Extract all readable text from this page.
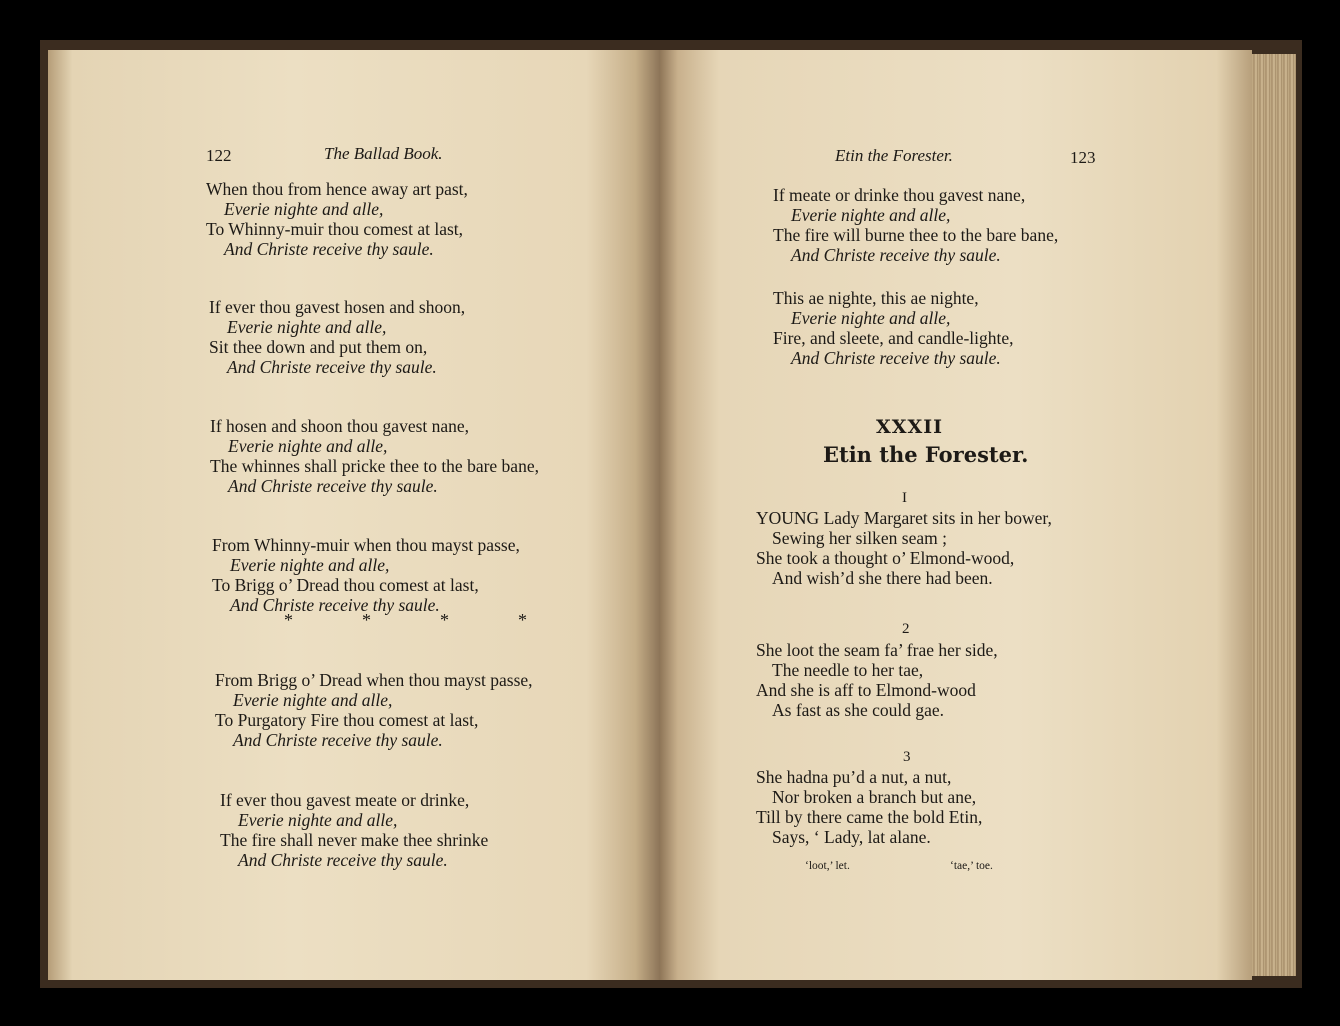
122	The Ballad Book.
When thou from hence away art past,
Everie nighte and alle,
To Whinny-muir thou comest at last,
And Christe receive thy saule.
If ever thou gavest hosen and shoon,
Everie nighte and alle,
Sit thee down and put them on,
And Christe receive thy saule.
If hosen and shoon thou gavest nane,
Everie nighte and alle,
The whinnes shall pricke thee to the bare bane,
And Christe receive thy saule.
From Whinny-muir when thou mayst passe,
Everie nighte and alle,
To Brigg o’ Dread thou comest at last,
And Christe receive thy saule.
*	*	*	*
From Brigg o’ Dread when thou mayst passe,
Everie nighte and alle,
To Purgatory Fire thou comest at last,
And Christe receive thy saule.
If ever thou gavest meate or drinke,
Everie nighte and alle,
The fire shall never make thee shrinke
And Christe receive thy saule.
Etin the Forester.	123
If meate or drinke thou gavest nane,
Everie nighte and alle,
The fire will burne thee to the bare bane,
And Christe receive thy saule.
This ae nighte, this ae nighte,
Everie nighte and alle,
Fire, and sleete, and candle-lighte,
And Christe receive thy saule.
XXXII
Etin the Forester.
I
YOUNG Lady Margaret sits in her bower,
Sewing her silken seam ;
She took a thought o’ Elmond-wood,
And wish’d she there had been.
2
She loot the seam fa’ frae her side,
The needle to her tae,
And she is aff to Elmond-wood
As fast as she could gae.
3
She hadna pu’d a nut, a nut,
Nor broken a branch but ane,
Till by there came the bold Etin,
Says, ‘ Lady, lat alane.
‘loot,’ let.	‘tae,’ toe.
